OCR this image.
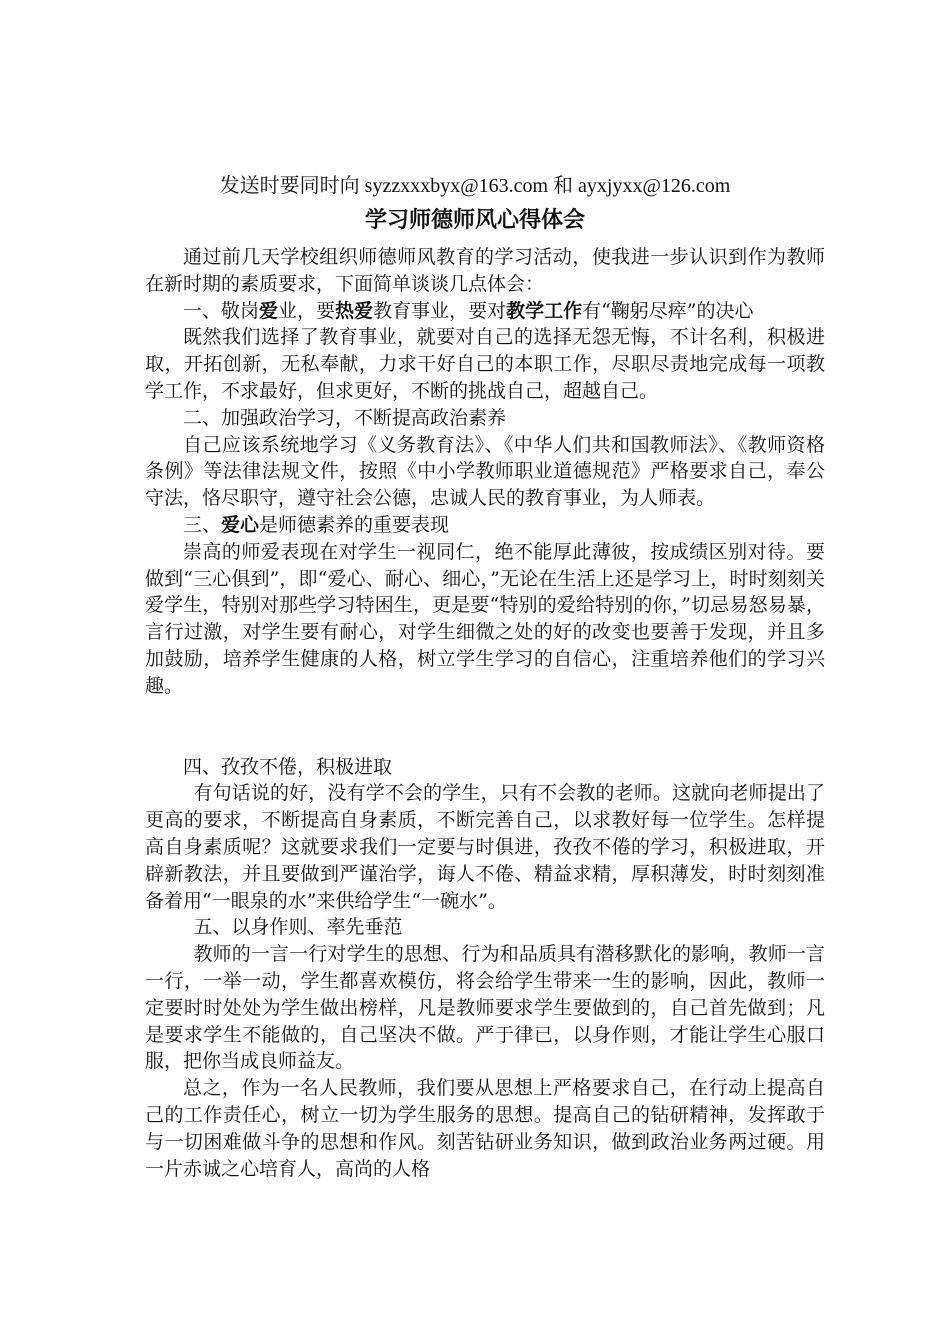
发送时要同时向 syzzxxxbyx@163.com 和 ayxjyxx@126.com
学习师德师风心得体会

通过前几天学校组织师德师风教育的学习活动，使我进一步认识到作为教师在新时期的素质要求，下面简单谈谈几点体会：

一、敬岗爱业，要热爱教育事业，要对教学工作有“鞠躬尽瘁”的决心

既然我们选择了教育事业，就要对自己的选择无怨无悔，不计名利，积极进取，开拓创新，无私奉献，力求干好自己的本职工作，尽职尽责地完成每一项教学工作，不求最好，但求更好，不断的挑战自己，超越自己。

二、加强政治学习，不断提高政治素养

自己应该系统地学习《义务教育法》、《中华人们共和国教师法》、《教师资格条例》等法律法规文件，按照《中小学教师职业道德规范》严格要求自己，奉公守法，恪尽职守，遵守社会公德，忠诚人民的教育事业，为人师表。

三、爱心是师德素养的重要表现

崇高的师爱表现在对学生一视同仁，绝不能厚此薄彼，按成绩区别对待。要做到“三心俱到”，即“爱心、耐心、细心，”无论在生活上还是学习上，时时刻刻关爱学生，特别对那些学习特困生，更是要“特别的爱给特别的你，”切忌易怒易暴，言行过激，对学生要有耐心，对学生细微之处的好的改变也要善于发现，并且多加鼓励，培养学生健康的人格，树立学生学习的自信心，注重培养他们的学习兴趣。

四、孜孜不倦，积极进取

有句话说的好，没有学不会的学生，只有不会教的老师。这就向老师提出了更高的要求，不断提高自身素质，不断完善自己，以求教好每一位学生。怎样提高自身素质呢？这就要求我们一定要与时俱进，孜孜不倦的学习，积极进取，开辟新教法，并且要做到严谨治学，诲人不倦、精益求精，厚积薄发，时时刻刻准备着用“一眼泉的水”来供给学生“一碗水”。

五、以身作则、率先垂范

教师的一言一行对学生的思想、行为和品质具有潜移默化的影响，教师一言一行，一举一动，学生都喜欢模仿，将会给学生带来一生的影响，因此，教师一定要时时处处为学生做出榜样，凡是教师要求学生要做到的，自己首先做到；凡是要求学生不能做的，自己坚决不做。严于律已，以身作则，才能让学生心服口服，把你当成良师益友。

总之，作为一名人民教师，我们要从思想上严格要求自己，在行动上提高自己的工作责任心，树立一切为学生服务的思想。提高自己的钻研精神，发挥敢于与一切困难做斗争的思想和作风。刻苦钻研业务知识，做到政治业务两过硬。用一片赤诚之心培育人，高尚的人格
